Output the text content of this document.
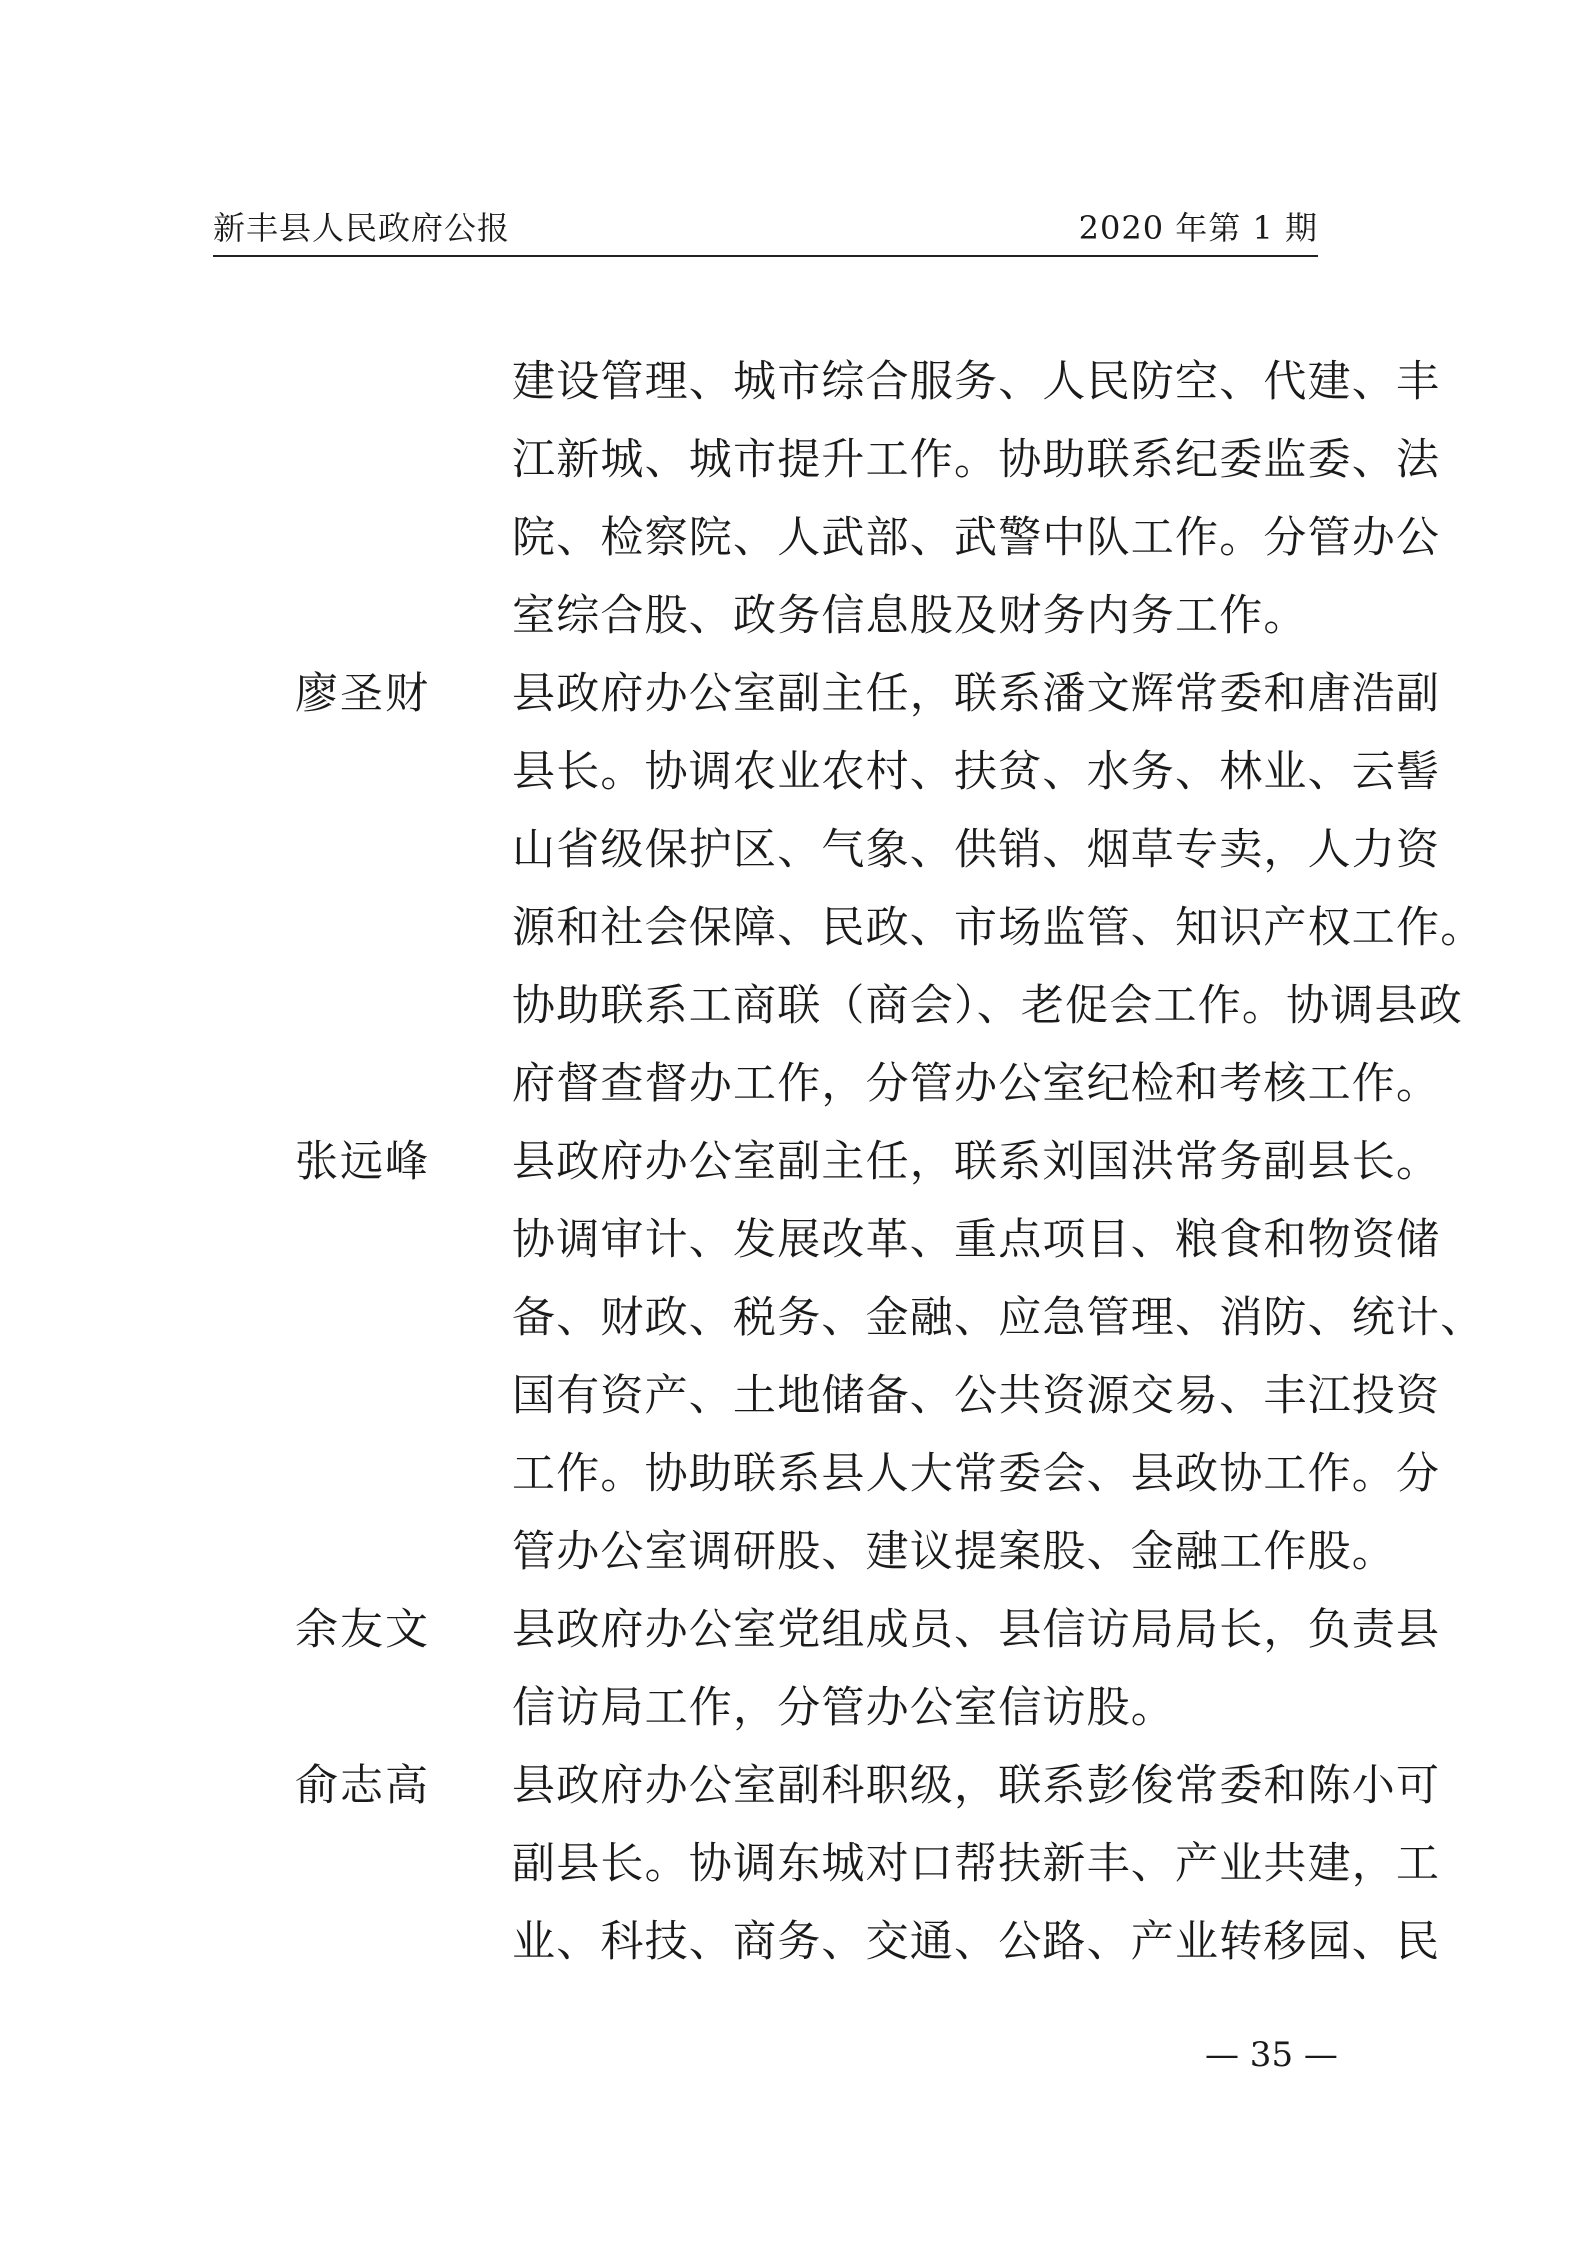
新丰县人民政府公报	2020 年第 1 期
建设管理、城市综合服务、人民防空、代建、丰
江新城、城市提升工作。协助联系纪委监委、法
院、检察院、人武部、武警中队工作。分管办公
室综合股、政务信息股及财务内务工作。
廖圣财 县政府办公室副主任，联系潘文辉常委和唐浩副
县长。协调农业农村、扶贫、水务、林业、云髻
山省级保护区、气象、供销、烟草专卖，人力资
源和社会保障、民政、市场监管、知识产权工作。
协助联系工商联（商会）、老促会工作。协调县政
府督查督办工作，分管办公室纪检和考核工作。
张远峰 县政府办公室副主任，联系刘国洪常务副县长。
协调审计、发展改革、重点项目、粮食和物资储
备、财政、税务、金融、应急管理、消防、统计、
国有资产、土地储备、公共资源交易、丰江投资
工作。协助联系县人大常委会、县政协工作。分
管办公室调研股、建议提案股、金融工作股。
余友文 县政府办公室党组成员、县信访局局长，负责县
信访局工作，分管办公室信访股。
俞志高 县政府办公室副科职级，联系彭俊常委和陈小可
副县长。协调东城对口帮扶新丰、产业共建，工
业、科技、商务、交通、公路、产业转移园、民
— 35 —
